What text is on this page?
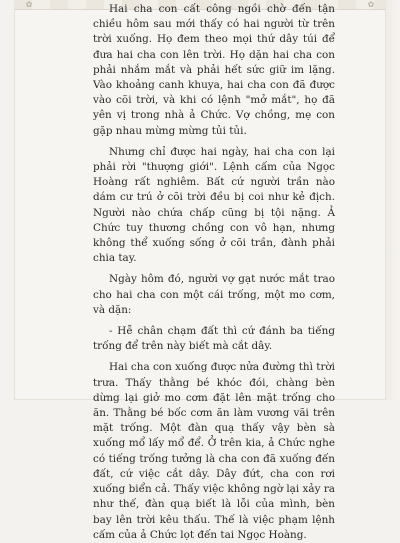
✿	✿

Hai cha con cất công ngồi chờ đến tận chiều hôm sau mới thấy có hai người từ trên trời xuống. Họ đem theo mọi thứ dây túi để đưa hai cha con lên trời. Họ dặn hai cha con phải nhắm mắt và phải hết sức giữ im lặng. Vào khoảng canh khuya, hai cha con đã được vào cõi trời, và khi có lệnh "mở mắt", họ đã yên vị trong nhà ả Chức. Vợ chồng, mẹ con gặp nhau mừng mừng tủi tủi.

Nhưng chỉ được hai ngày, hai cha con lại phải rời "thượng giới". Lệnh cấm của Ngọc Hoàng rất nghiêm. Bất cứ người trần nào dám cư trú ở cõi trời đều bị coi như kẻ địch. Người nào chứa chấp cũng bị tội nặng. Ả Chức tuy thương chồng con vô hạn, nhưng không thể xuống sống ở cõi trần, đành phải chia tay.

Ngày hôm đó, người vợ gạt nước mắt trao cho hai cha con một cái trống, một mo cơm, và dặn:

- Hễ chân chạm đất thì cứ đánh ba tiếng trống để trên này biết mà cắt dây.

Hai cha con xuống được nửa đường thì trời trưa. Thấy thằng bé khóc đói, chàng bèn dừng lại giở mo cơm đặt lên mặt trống cho ăn. Thằng bé bốc cơm ăn làm vương vãi trên mặt trống. Một đàn quạ thấy vậy bèn sà xuống mổ lấy mổ để. Ở trên kia, ả Chức nghe có tiếng trống tưởng là cha con đã xuống đến đất, cứ việc cắt dây. Dây đứt, cha con rơi xuống biển cả. Thấy việc không ngờ lại xảy ra như thế, đàn quạ biết là lỗi của mình, bèn bay lên trời kêu thấu. Thế là việc phạm lệnh cấm của ả Chức lọt đến tai Ngọc Hoàng.
